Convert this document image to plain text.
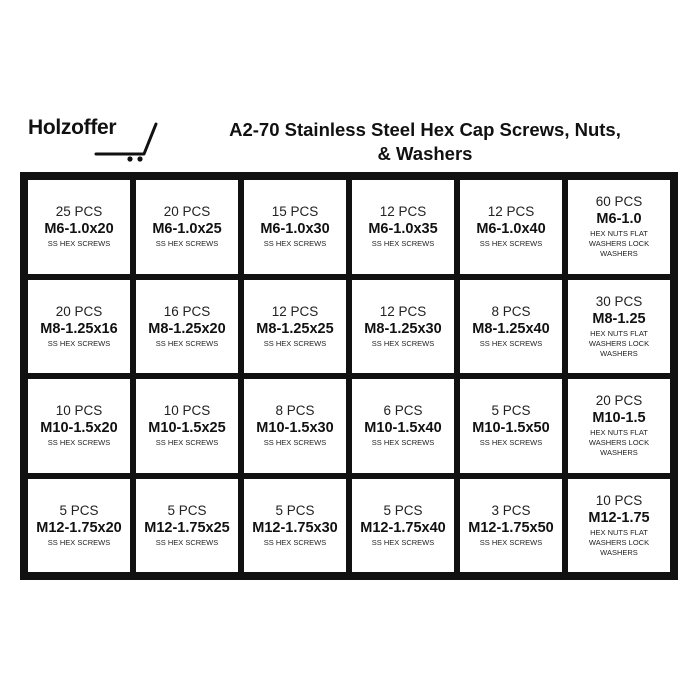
Holzoffer	A2-70 Stainless Steel Hex Cap Screws, Nuts, & Washers
25 PCS
M6-1.0x20
SS HEX SCREWS
20 PCS
M6-1.0x25
SS HEX SCREWS
15 PCS
M6-1.0x30
SS HEX SCREWS
12 PCS
M6-1.0x35
SS HEX SCREWS
12 PCS
M6-1.0x40
SS HEX SCREWS
60 PCS
M6-1.0
HEX NUTS FLAT WASHERS LOCK WASHERS
20 PCS
M8-1.25x16
SS HEX SCREWS
16 PCS
M8-1.25x20
SS HEX SCREWS
12 PCS
M8-1.25x25
SS HEX SCREWS
12 PCS
M8-1.25x30
SS HEX SCREWS
8 PCS
M8-1.25x40
SS HEX SCREWS
30 PCS
M8-1.25
HEX NUTS FLAT WASHERS LOCK WASHERS
10 PCS
M10-1.5x20
SS HEX SCREWS
10 PCS
M10-1.5x25
SS HEX SCREWS
8 PCS
M10-1.5x30
SS HEX SCREWS
6 PCS
M10-1.5x40
SS HEX SCREWS
5 PCS
M10-1.5x50
SS HEX SCREWS
20 PCS
M10-1.5
HEX NUTS FLAT WASHERS LOCK WASHERS
5 PCS
M12-1.75x20
SS HEX SCREWS
5 PCS
M12-1.75x25
SS HEX SCREWS
5 PCS
M12-1.75x30
SS HEX SCREWS
5 PCS
M12-1.75x40
SS HEX SCREWS
3 PCS
M12-1.75x50
SS HEX SCREWS
10 PCS
M12-1.75
HEX NUTS FLAT WASHERS LOCK WASHERS
